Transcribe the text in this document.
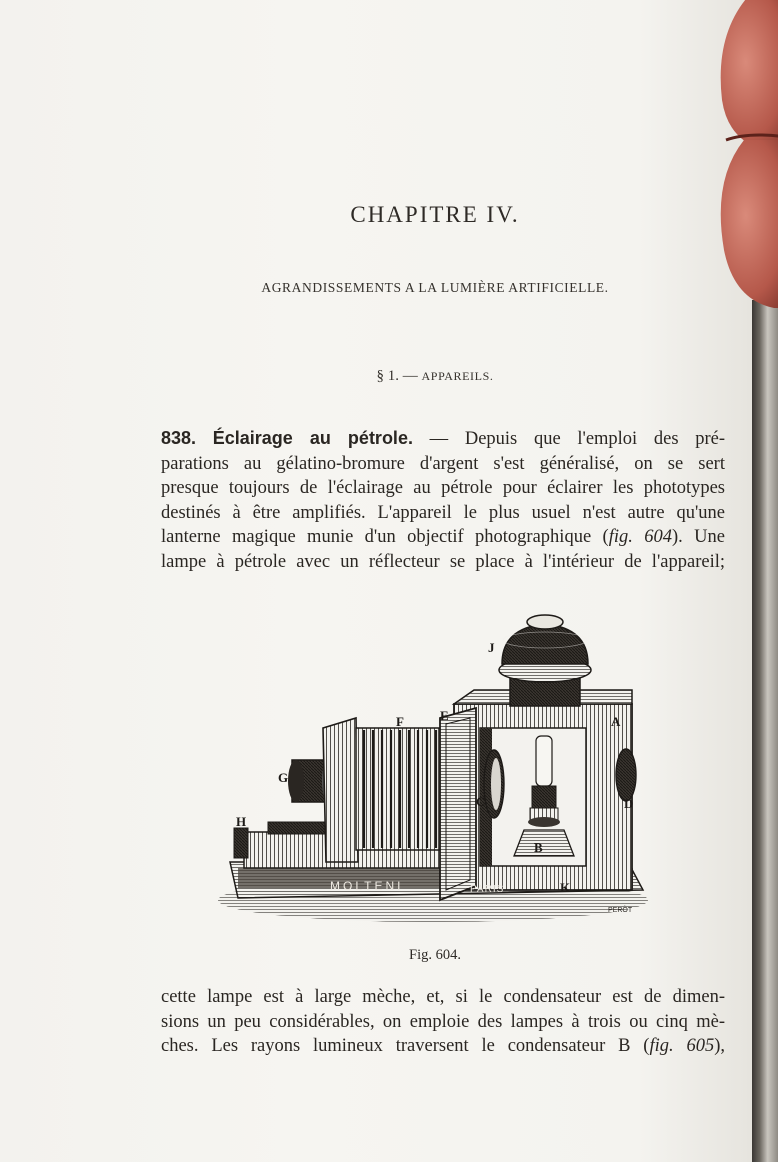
CHAPITRE IV.
AGRANDISSEMENTS A LA LUMIÈRE ARTIFICIELLE.
§ 1. — APPAREILS.
838. Éclairage au pétrole. — Depuis que l'emploi des pré-
parations au gélatino-bromure d'argent s'est généralisé, on se sert
presque toujours de l'éclairage au pétrole pour éclairer les phototypes
destinés à être amplifiés. L'appareil le plus usuel n'est autre qu'une
lanterne magique munie d'un objectif photographique (fig. 604). Une
lampe à pétrole avec un réflecteur se place à l'intérieur de l'appareil;
MOLTENI	PARIS
PERÒT
J
A
E
F
G
H
C	D
B
K
Fig. 604.
cette lampe est à large mèche, et, si le condensateur est de dimen-
sions un peu considérables, on emploie des lampes à trois ou cinq mè-
ches. Les rayons lumineux traversent le condensateur B (fig. 605),
